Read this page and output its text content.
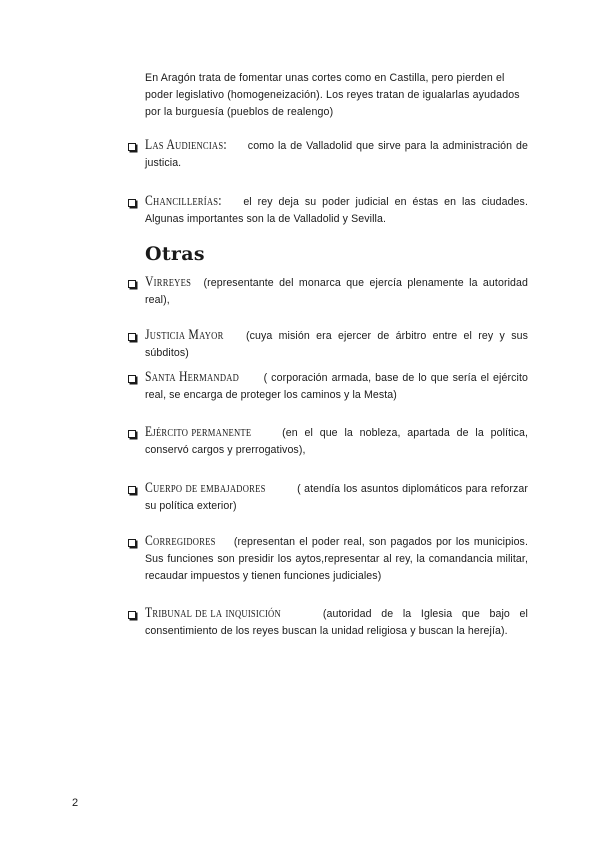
En Aragón trata de fomentar unas cortes como en Castilla, pero pierden el
poder legislativo (homogeneización). Los reyes tratan de igualarlas ayudados
por la burguesía (pueblos de realengo)
Las Audiencias: como la de Valladolid que sirve para la administración de justicia.
Chancillerías: el rey deja su poder judicial en éstas en las ciudades. Algunas importantes son la de Valladolid y Sevilla.
Otras
Virreyes (representante del monarca que ejercía plenamente la autoridad real),
Justicia Mayor (cuya misión era ejercer de árbitro entre el rey y sus súbditos)
Santa Hermandad ( corporación armada, base de lo que sería el ejército real, se encarga de proteger los caminos y la Mesta)
Ejército permanente	(en el que la nobleza, apartada de la política, conservó cargos y prerrogativos),
Cuerpo de embajadores	( atendía los asuntos diplomáticos para reforzar su política exterior)
Corregidores (representan el poder real, son pagados por los municipios. Sus funciones son presidir los aytos,representar al rey, la comandancia militar, recaudar impuestos y tienen funciones judiciales)
Tribunal de la inquisición	(autoridad de la Iglesia que bajo el consentimiento de los reyes buscan la unidad religiosa y buscan la herejía).
2
